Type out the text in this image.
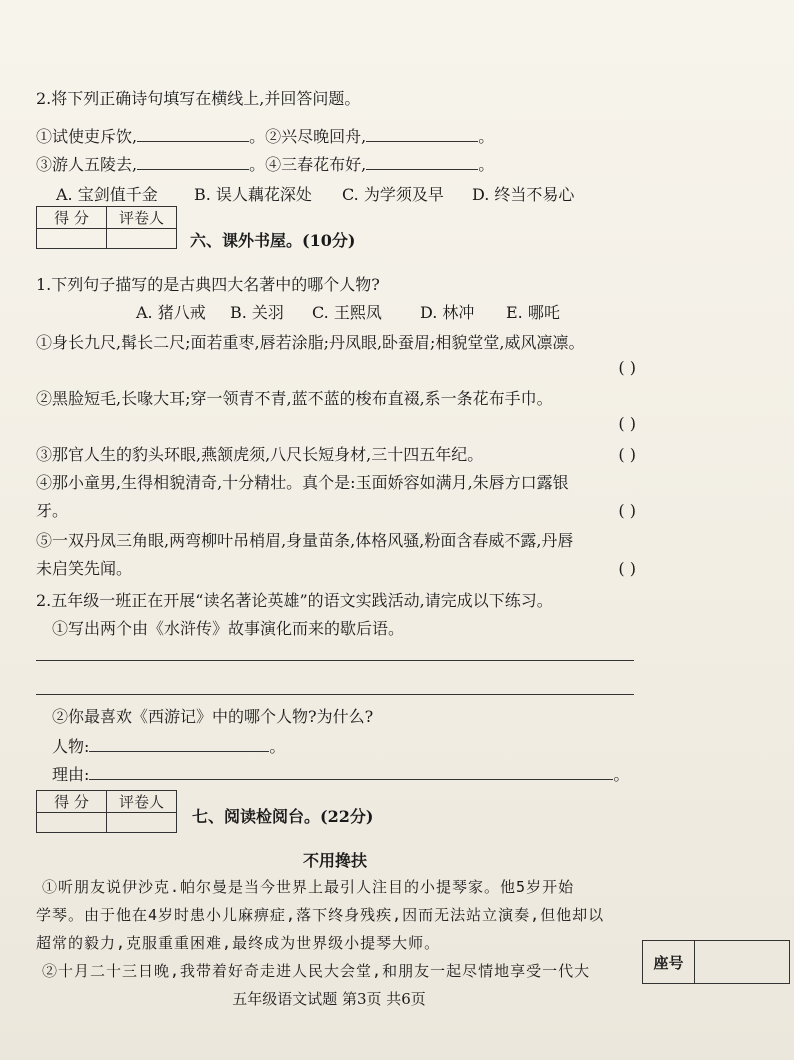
2.将下列正确诗句填写在横线上,并回答问题。
①试使吏斥饮,	。②兴尽晚回舟,	。
③游人五陵去,	。④三春花布好,	。
A. 宝剑值千金 B. 误人藕花深处 C. 为学须及早 D. 终当不易心
得 分	评卷人

六、课外书屋。(10分)
1.下列句子描写的是古典四大名著中的哪个人物?
A. 猪八戒 B. 关羽 C. 王熙凤 D. 林冲 E. 哪吒
①身长九尺,髯长二尺;面若重枣,唇若涂脂;丹凤眼,卧蚕眉;相貌堂堂,威风凛凛。
( )
②黑脸短毛,长喙大耳;穿一领青不青,蓝不蓝的梭布直裰,系一条花布手巾。
( )
③那官人生的豹头环眼,燕颔虎须,八尺长短身材,三十四五年纪。	( )
④那小童男,生得相貌清奇,十分精壮。真个是:玉面娇容如满月,朱唇方口露银
牙。	( )
⑤一双丹凤三角眼,两弯柳叶吊梢眉,身量苗条,体格风骚,粉面含春威不露,丹唇
未启笑先闻。	( )
2.五年级一班正在开展“读名著论英雄”的语文实践活动,请完成以下练习。
①写出两个由《水浒传》故事演化而来的歇后语。
②你最喜欢《西游记》中的哪个人物?为什么?
人物:	。
理由:	。
得 分	评卷人

七、阅读检阅台。(22分)
不用搀扶
①听朋友说伊沙克.帕尔曼是当今世界上最引人注目的小提琴家。他5岁开始
学琴。由于他在4岁时患小儿麻痹症,落下终身残疾,因而无法站立演奏,但他却以
超常的毅力,克服重重困难,最终成为世界级小提琴大师。
②十月二十三日晚,我带着好奇走进人民大会堂,和朋友一起尽情地享受一代大	座号
五年级语文试题 第3页 共6页
